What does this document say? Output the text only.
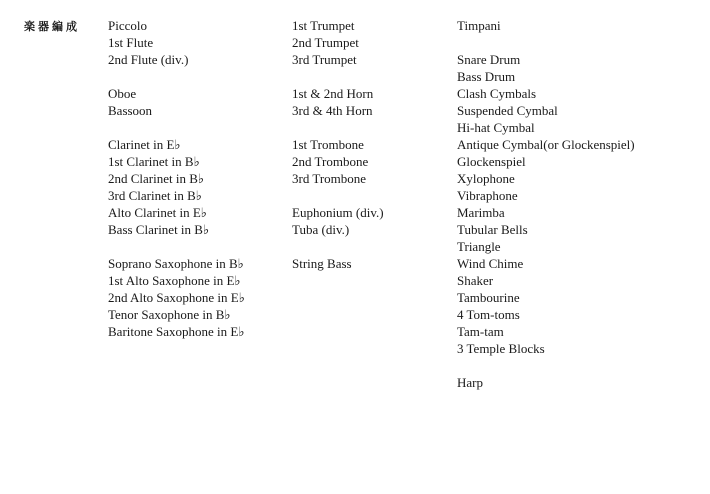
楽器編成 Piccolo
1st Flute
2nd Flute (div.)
Oboe
Bassoon
Clarinet in E♭
1st Clarinet in B♭
2nd Clarinet in B♭
3rd Clarinet in B♭
Alto Clarinet in E♭
Bass Clarinet in B♭
Soprano Saxophone in B♭
1st Alto Saxophone in E♭
2nd Alto Saxophone in E♭
Tenor Saxophone in B♭
Baritone Saxophone in E♭
1st Trumpet
2nd Trumpet
3rd Trumpet
1st & 2nd Horn
3rd & 4th Horn
1st Trombone
2nd Trombone
3rd Trombone
Euphonium (div.)
Tuba (div.)
String Bass
Timpani
Snare Drum
Bass Drum
Clash Cymbals
Suspended Cymbal
Hi-hat Cymbal
Antique Cymbal(or Glockenspiel)
Glockenspiel
Xylophone
Vibraphone
Marimba
Tubular Bells
Triangle
Wind Chime
Shaker
Tambourine
4 Tom-toms
Tam-tam
3 Temple Blocks
Harp
